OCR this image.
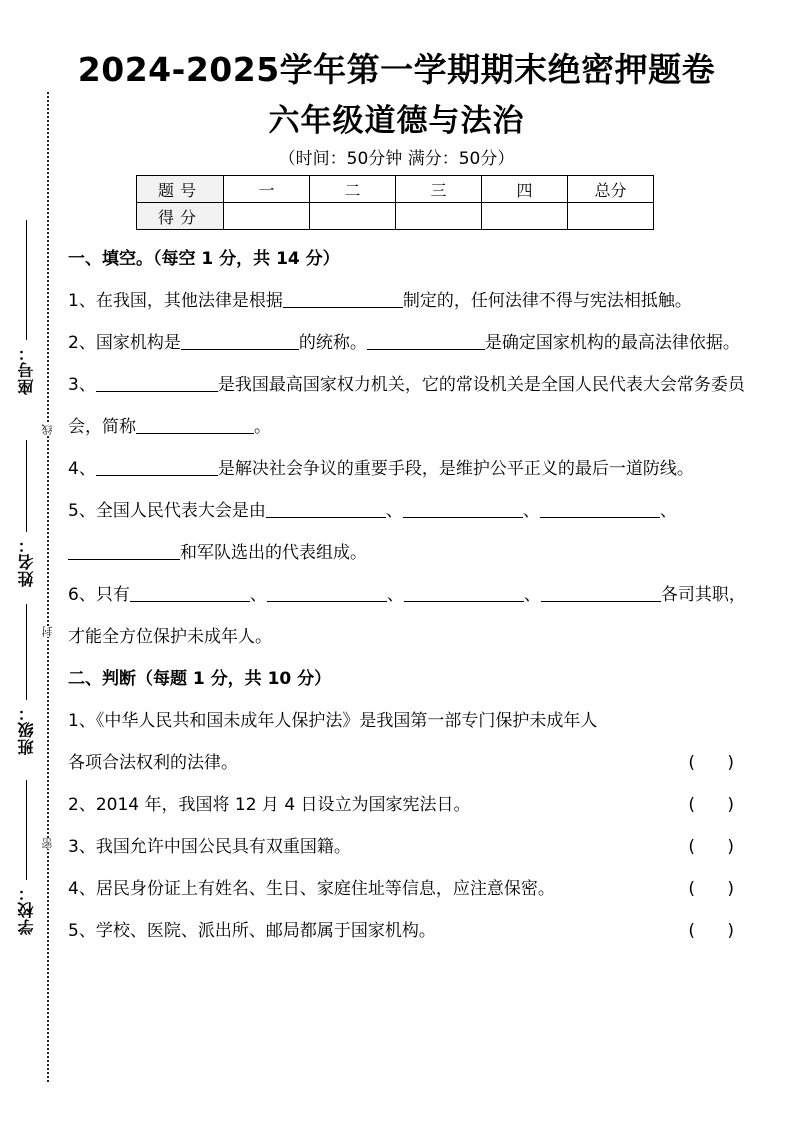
座号：
姓名：
班级：
学校：
线
封
密
2024-2025学年第一学期期末绝密押题卷
六年级道德与法治
（时间：50分钟 满分：50分）
题号	一	二	三	四	总分
得分					
一、填空。（每空 1 分，共 14 分）
1、在我国，其他法律是根据	制定的，任何法律不得与宪法相抵触。
2、国家机构是	的统称。	是确定国家机构的最高法律依据。
3、	是我国最高国家权力机关，它的常设机关是全国人民代表大会常务委员会，简称	。
4、	是解决社会争议的重要手段，是维护公平正义的最后一道防线。
5、全国人民代表大会是由	、	、	、和军队选出的代表组成。
6、只有	、	、	、	各司其职，才能全方位保护未成年人。
二、判断（每题 1 分，共 10 分）
1、《中华人民共和国未成年人保护法》是我国第一部专门保护未成年人
各项合法权利的法律。	(      )
2、2014 年，我国将 12 月 4 日设立为国家宪法日。	(      )
3、我国允许中国公民具有双重国籍。	(      )
4、居民身份证上有姓名、生日、家庭住址等信息，应注意保密。	(      )
5、学校、医院、派出所、邮局都属于国家机构。	(      )
